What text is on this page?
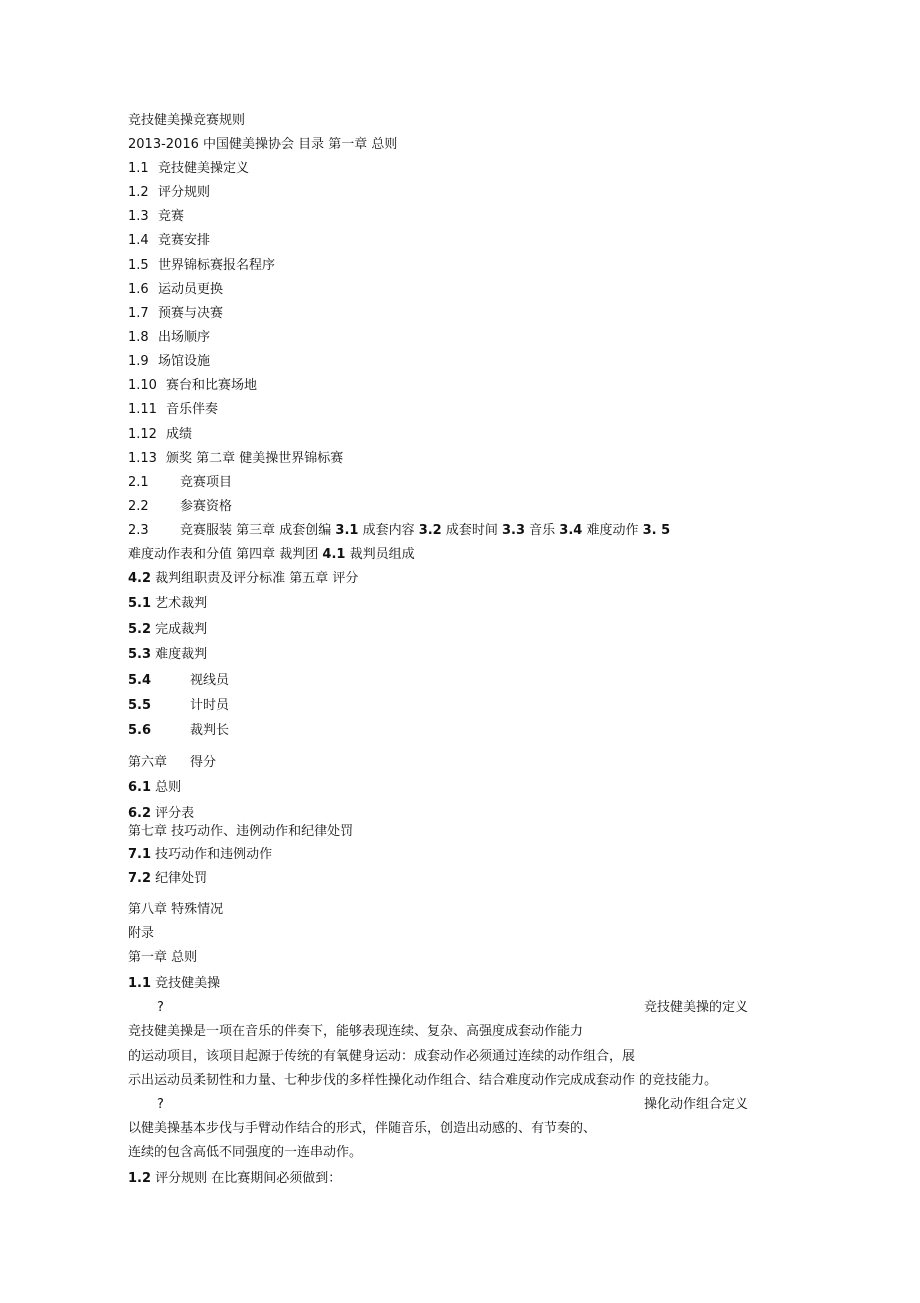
竞技健美操竞赛规则
2013-2016 中国健美操协会 目录 第一章 总则
1.1 竞技健美操定义
1.2 评分规则
1.3 竞赛
1.4 竞赛安排
1.5 世界锦标赛报名程序
1.6 运动员更换
1.7 预赛与决赛
1.8 出场顺序
1.9 场馆设施
1.10 赛台和比赛场地
1.11 音乐伴奏
1.12 成绩
1.13 颁奖 第二章 健美操世界锦标赛
2.1 竞赛项目
2.2 参赛资格
2.3 竞赛服装 第三章 成套创编 3.1 成套内容 3.2 成套时间 3.3 音乐 3.4 难度动作 3. 5
难度动作表和分值 第四章 裁判团 4.1 裁判员组成
4.2 裁判组职责及评分标准 第五章 评分
5.1 艺术裁判
5.2 完成裁判
5.3 难度裁判
5.4	视线员
5.5	计时员
5.6	裁判长
第六章 得分
6.1 总则
6.2 评分表
第七章 技巧动作、违例动作和纪律处罚
7.1 技巧动作和违例动作
7.2 纪律处罚
第八章 特殊情况
附录
第一章 总则
1.1 竞技健美操
?	竞技健美操的定义
竞技健美操是一项在音乐的伴奏下，能够表现连续、复杂、高强度成套动作能力
的运动项目，该项目起源于传统的有氧健身运动：成套动作必须通过连续的动作组合，展
示出运动员柔韧性和力量、七种步伐的多样性操化动作组合、结合难度动作完成成套动作 的竞技能力。
?	操化动作组合定义
以健美操基本步伐与手臂动作结合的形式，伴随音乐，创造出动感的、有节奏的、
连续的包含高低不同强度的一连串动作。
1.2 评分规则 在比赛期间必须做到：
